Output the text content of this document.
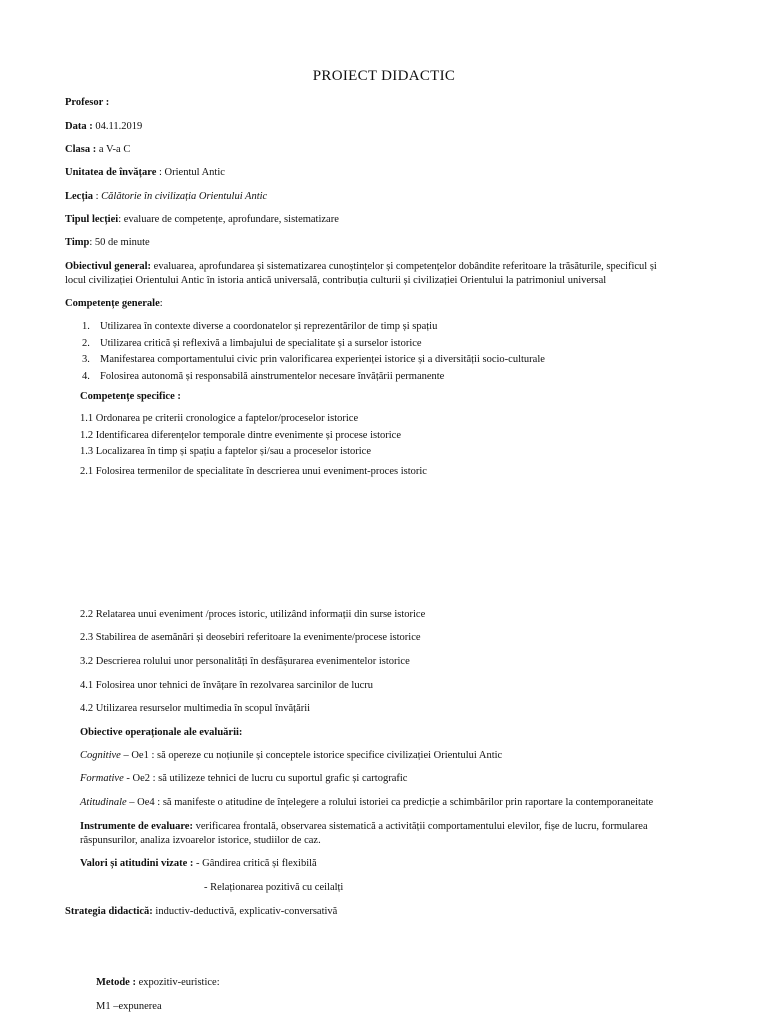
PROIECT DIDACTIC
Profesor :
Data : 04.11.2019
Clasa : a V-a C
Unitatea de învățare : Orientul Antic
Lecția : Călătorie în civilizația Orientului Antic
Tipul lecției: evaluare de competențe, aprofundare, sistematizare
Timp: 50 de minute
Obiectivul general: evaluarea, aprofundarea și sistematizarea cunoștințelor și competențelor dobândite referitoare la trăsăturile, specificul și
locul civilizației Orientului Antic în istoria antică universală, contribuția culturii și civilizației Orientului la patrimoniul universal
Competențe generale:
1. Utilizarea în contexte diverse a coordonatelor și reprezentărilor de timp și spațiu
2. Utilizarea critică și reflexivă a limbajului de specialitate și a surselor istorice
3. Manifestarea comportamentului civic prin valorificarea experienței istorice și a diversității socio-culturale
4. Folosirea autonomă și responsabilă ainstrumentelor necesare învățării permanente
Competențe specifice :
1.1 Ordonarea pe criterii cronologice a faptelor/proceselor istorice
1.2 Identificarea diferențelor temporale dintre evenimente și procese istorice
1.3 Localizarea în timp și spațiu a faptelor și/sau a proceselor istorice
2.1 Folosirea termenilor de specialitate în descrierea unui eveniment-proces istoric
2.2 Relatarea unui eveniment /proces istoric, utilizând informații din surse istorice
2.3 Stabilirea de asemănări și deosebiri referitoare la evenimente/procese istorice
3.2 Descrierea rolului unor personalități în desfășurarea evenimentelor istorice
4.1 Folosirea unor tehnici de învățare în rezolvarea sarcinilor de lucru
4.2 Utilizarea resurselor multimedia în scopul învățării
Obiective operaționale ale evaluării:
Cognitive – Oe1 : să opereze cu noțiunile și conceptele istorice specifice civilizației Orientului Antic
Formative - Oe2 : să utilizeze tehnici de lucru cu suportul grafic și cartografic
Atitudinale – Oe4 : să manifeste o atitudine de înțelegere a rolului istoriei ca predicție a schimbărilor prin raportare la contemporaneitate
Instrumente de evaluare: verificarea frontală, observarea sistematică a activității comportamentului elevilor, fișe de lucru, formularea
răspunsurilor, analiza izvoarelor istorice, studiilor de caz.
Valori și atitudini vizate : - Gândirea critică și flexibilă
- Relaționarea pozitivă cu ceilalți
Strategia didactică: inductiv-deductivă, explicativ-conversativă
Metode : expozitiv-euristice:
M1 –expunerea
